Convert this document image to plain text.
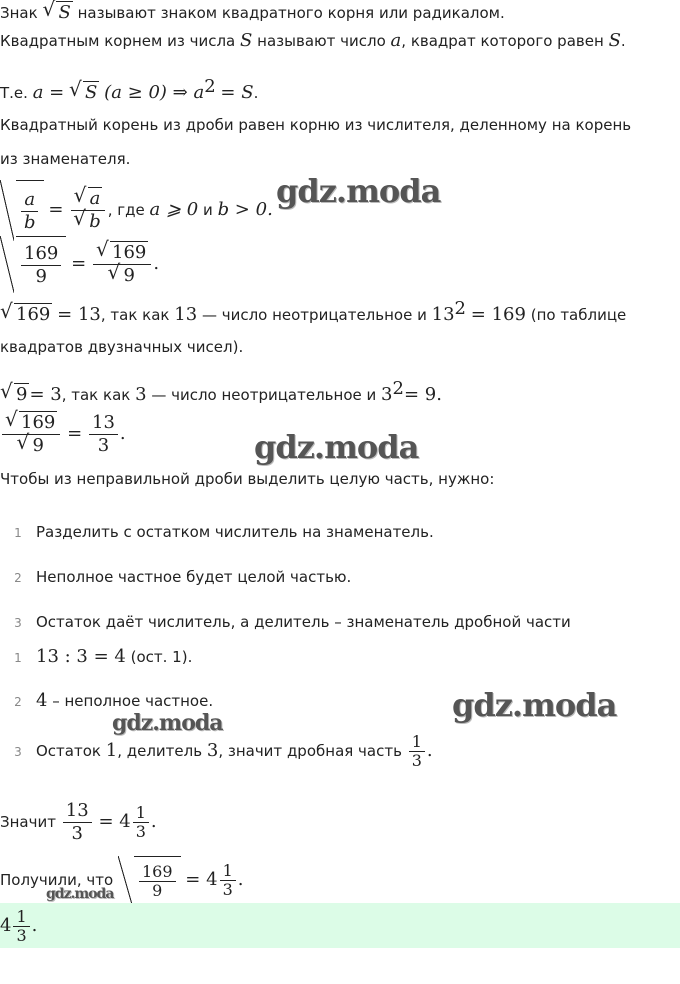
Знак √ S называют знаком квадратного корня или радикалом.
Квадратным корнем из числа S называют число a, квадрат которого равен S.
Т.е. a = √ S (a ≥ 0) ⇒ $a^2 = S$.
Квадратный корень из дроби равен корню из числителя, деленному на корень
из знаменателя.
$\frac{a}{b}$ = √ a
√ b , где a ⩾ 0 и b > 0.
$\frac{169}{9}$ = √ 169
√ 9 .
√ 169 = 13, так как 13 — число неотрицательное и $13^2 = 169$ (по таблице
квадратов двузначных чисел).
√ 9 = 3, так как 3 — число неотрицательное и $3^2= 9$.
√ 169
√ $9 = \frac{13}{3}$ .
Чтобы из неправильной дроби выделить целую часть, нужно:
1 Разделить с остатком числитель на знаменатель.
2 Неполное частное будет целой частью.
3 Остаток даёт числитель, а делитель – знаменатель дробной части
1 13 : 3 = 4 (ост. 1).
2 4 – неполное частное.
3 Остаток 1, делитель 3, значит дробная часть $\frac{1}{3}$ .
Значит $\frac{13}{3} = 4 \frac{1}{3}$ .
Получили, что $\frac{169}{9} = 4 \frac{1}{3}$ .
$4 \frac{1}{3}$ .
gdz.moda
gdz.moda
gdz.moda
gdz.moda
gdz.moda
